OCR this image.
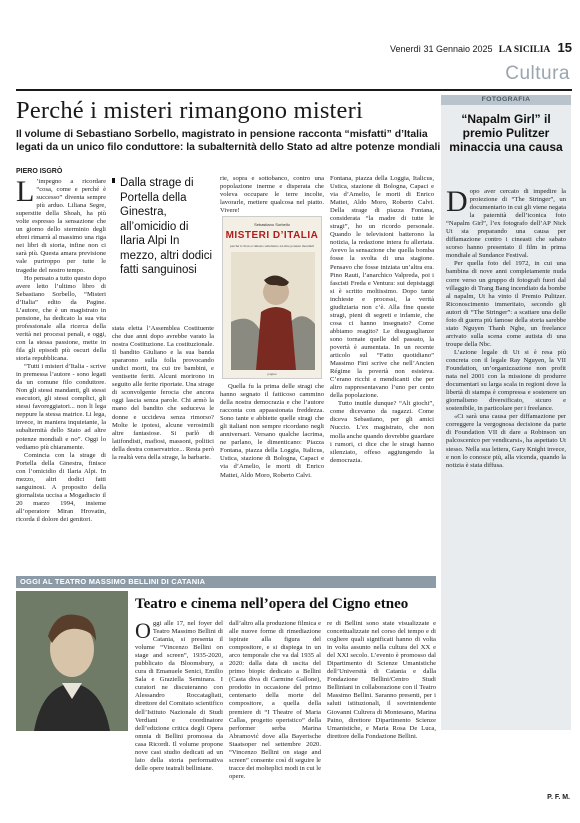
Venerdì 31 Gennaio 2025 LA SICILIA 15
Cultura
Perché i misteri rimangono misteri
Il volume di Sebastiano Sorbello, magistrato in pensione racconta “misfatti” d’Italia legati da un unico filo conduttore: la subalternità dello Stato ad altre potenze mondiali
PIERO ISGRÒ
L ’impegno a ricordare “cosa, come e perché è successo” diventa sempre più arduo. Liliana Segre, superstite della Shoah, ha più volte espresso la sensazione che un giorno dello sterminio degli ebrei rimarrà al massimo una riga nei libri di storia, infine non ci sarà più. Questa amara previsione vale purtroppo per tutte le tragedie del nostro tempo.

Ho pensato a tutto questo dopo avere letto l’ultimo libro di Sebastiano Sorbello, “Misteri d’Italia” edito da Pagine. L’autore, che è un magistrato in pensione, ha dedicato la sua vita professionale alla ricerca della verità nei processi penali, e oggi, con la stessa passione, mette in fila gli episodi più oscuri della storia repubblicana.

“Tutti i misteri d’Italia - scrive in premessa l’autore - sono legati da un comune filo conduttore. Non gli stessi mandanti, gli stessi esecutori, gli stessi complici, gli stessi favoreggiatori... non li lega neppure la stessa matrice. Li lega, invece, in maniera inquietante, la subalternità dello Stato ad altre potenze mondiali e no”. Oggi lo vediamo più chiaramente.

Comincia con la strage di Portella della Ginestra, finisce con l’omicidio di Ilaria Alpi. In mezzo, altri dodici fatti sanguinosi. A proposito della giornalista uccisa a Mogadiscio il 20 marzo 1994, insieme all’operatore Miran Hrovatin, ricorda il dolore dei genitori.

Dalla strage di Portella della Ginestra, all’omicidio di Ilaria Alpi In mezzo, altri dodici fatti sanguinosi

stata eletta l’Assemblea Costituente che due anni dopo avrebbe varato la nostra Costituzione. La costituzionale. Il bandito Giuliano e la sua banda spararono sulla folla provocando undici morti, tra cui tre bambini, e ventisette feriti. Alcuni morirono in seguito alle ferite riportate. Una strage di sconvolgente ferocia che ancora oggi lascia senza parole. Chi armò la mano del bandito che seduceva le donne e uccideva senza rimorso? Molte le ipotesi, alcune verosimili altre fantasiose. Si parlò di latifondisti, mafiosi, massoni, politici della destra conservatrice... Resta però la realtà vera della strage, la barbarie.

rie, sopra e sottobanco, contro una popolazione inerme e disperata che voleva occupare le terre incolte, lavorarle, mettere qualcosa nel piatto. Vivere!

Sebastiano Sorbello
MISTERI D’ITALIA
perché lo Stato è rimasto subalterno ad altre potenze mondiali
pagine

Quella fu la prima delle stragi che hanno segnato il fatticoso cammino della nostra democrazia e che l’autore racconta con appassionata freddezza. Sono tante e abbiette quelle stragi che gli italiani non sempre ricordano negli anniversari. Versano qualche lacrima, ne parlano, le dimenticano: Piazza Fontana, piazza della Loggia, Italicus, Ustica, stazione di Bologna, Capaci e via d’Amelio, le morti di Enrico Mattei, Aldo Moro, Roberto Calvi.

Fontana, piazza della Loggia, Italicus, Ustica, stazione di Bologna, Capaci e via d’Amelio, le morti di Enrico Mattei, Aldo Moro, Roberto Calvi. Della strage di piazza Fontana, considerata “la madre di tutte le stragi”, ho un ricordo personale. Quando le televisioni batterono la notizia, la redazione intera fu allertata. Avevo la sensazione che quella bomba fosse la svolta di una stagione. Pensavo che fosse iniziata un’altra era. Pino Rauti, l’anarchico Valpreda, poi i fascisti Freda e Ventura: sui depistaggi si è scritto moltissimo. Dopo tante inchieste e processi, la verità giudiziaria non c’è. Alla fine queste stragi, pieni di segreti e infamie, che cosa ci hanno insegnato? Come abbiamo reagito? Le disuguaglianze sono tornate quelle del passato, la povertà è aumentata. In un recente articolo sul “Fatto quotidiano” Massimo Fini scrive che nell’Ancien Régime la povertà non esisteva. C’erano ricchi e mendicanti che per altro rappresentavano l’uno per cento della popolazione.

Tutto inutile dunque? “Alt giochi”, come dicevamo da ragazzi. Come diceva Sebastiano, per gli amici Nuccio. L’ex magistrato, che non molla anche quando dovrebbe guardare i rumori, ci dice che le stragi hanno silenziato, offeso aggiungendo la democrazia.

FOTOGRAFIA
“Napalm Girl” il premio Pulitzer minaccia una causa
D opo aver cercato di impedire la proiezione di “The Stringer”, un documentario in cui gli viene negata la paternità dell’iconica foto “Napalm Girl”, l’ex fotografo dell’AP Nick Ut sta preparando una causa per diffamazione contro i cineasti che sabato scorso hanno presentato il film in prima mondiale al Sundance Festival.

Per quella foto del 1972, in cui una bambina di nove anni completamente nuda corre verso un gruppo di fotografi fuori dal villaggio di Trang Bang incendiato da bombe al napalm, Ut ha vinto il Premio Pulitzer. Riconoscimento immeritato, secondo gli autori di “The Stringer”: a scattare una delle foto di guerra più famose della storia sarebbe stato Nguyen Thanh Nghe, un freelance arrivato sulla scena come autista di una troupe della Nbc.

L’azione legale di Ut si è resa più concreta con il legale Ray Nguyen, la VII Foundation, un’organizzazione non profit nata nel 2001 con la missione di produrre documentari su larga scala in regioni dove la libertà di stampa è compressa e sostenere un giornalismo diversificato, sicuro e sostenibile, in particolare per i freelance.

«Ci sarà una causa per diffamazione per correggere la vergognosa decisione da parte di Foundation VII di dare a Robinson un palcoscenico per vendicarsi», ha aspettato Ut stesso. Nella sua lettera, Gary Knight invece, e non lo conosce più, alla vicenda, quando la notizia è stata diffusa.

P. F. M.
OGGI AL TEATRO MASSIMO BELLINI DI CATANIA
Teatro e cinema nell’opera del Cigno etneo
O ggi alle 17, nel foyer del Teatro Massimo Bellini di Catania, si presenta il volume “Vincenzo Bellini on stage and screen”, 1935-2020, pubblicato da Bloomsbury, a cura di Emanuele Senici, Emilio Sala e Graziella Seminara. I curatori ne discuteranno con Alessandro Roccatagliati, direttore del Comitato scientifico dell’Istituto Nazionale di Studi Verdiani e coordinatore dell’edizione critica degli Opera omnia di Bellini promossa da casa Ricordi. Il volume propone nove casi studio dedicati ad un lato della storia performativa delle opere teatrali belliniane.

dall’altro alla produzione filmica e alle nuove forme di rimediazione ispirate alla figura del compositore, e si dispiega in un arco temporale che va dal 1935 al 2020: dalla data di uscita del primo biopic dedicato a Bellini (Casta diva di Carmine Gallone), prodotto in occasione del primo centenario della morte del compositore, a quella della premiere di “I Theatre of Maria Callas, progetto operistico” della performer serba Marina Abramović dove alla Bayerische Staatsoper nel settembre 2020. “Vincenzo Bellini on stage and screen” consente così di seguire le tracce dei molteplici modi in cui le opere.

re di Bellini sono state visualizzate e concettualizzate nel corso del tempo e di cogliere quali significati hanno di volta in volta assunto nella cultura del XX e del XXI secolo. L’evento è promosso dal Dipartimento di Scienze Umanistiche dell’Università di Catania e dalla Fondazione Bellini/Centro Studi Belliniani in collaborazione con il Teatro Massimo Bellini. Saranno presenti, per i saluti istituzionali, il sovrintendente Giovanni Cultrera di Montesano, Marina Paino, direttore Dipartimento Scienze Umanistiche, e Maria Rosa De Luca, direttore della Fondazione Bellini.
